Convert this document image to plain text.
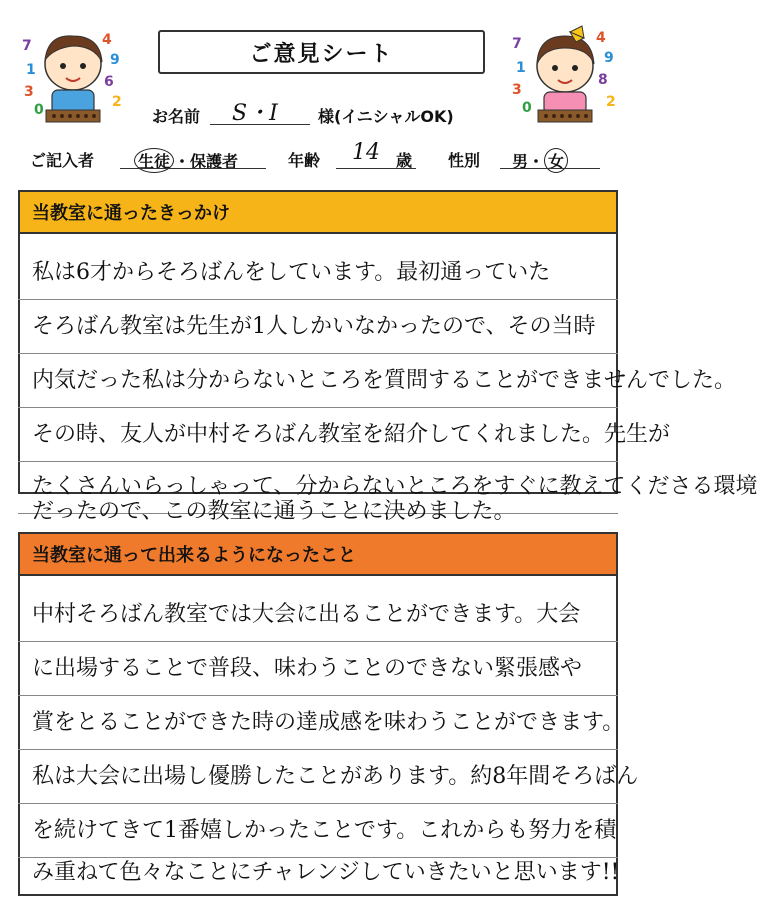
7
1
3
0
4
9
6
2
7
1
3
0
4
9
8
2
ご意見シート
お名前 S・I	様(イニシャルOK)
ご記入者	生徒 ・保護者	年齢 14 歳 性別 男・ 女
当教室に通ったきっかけ
私は6才からそろばんをしています。最初通っていた
そろばん教室は先生が1人しかいなかったので、その当時
内気だった私は分からないところを質問することができませんでした。
その時、友人が中村そろばん教室を紹介してくれました。先生が
たくさんいらっしゃって、分からないところをすぐに教えてくださる環境
だったので、この教室に通うことに決めました。
当教室に通って出来るようになったこと
中村そろばん教室では大会に出ることができます。大会
に出場することで普段、味わうことのできない緊張感や
賞をとることができた時の達成感を味わうことができます。
私は大会に出場し優勝したことがあります。約8年間そろばん
を続けてきて1番嬉しかったことです。これからも努力を積
み重ねて色々なことにチャレンジしていきたいと思います!!
